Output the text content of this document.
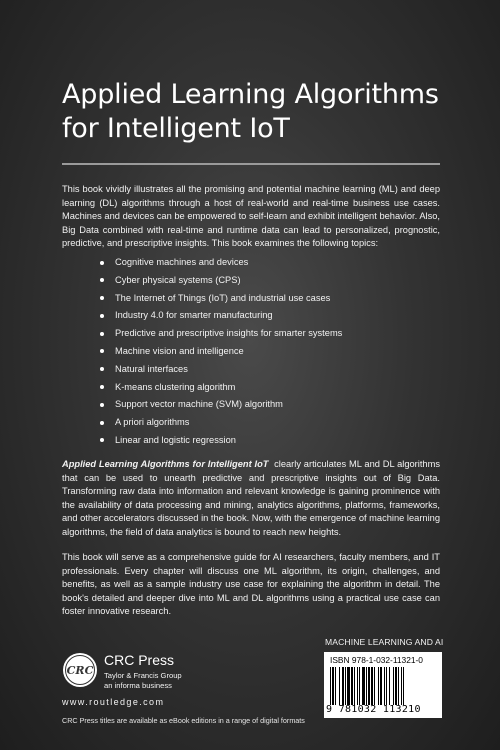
Applied Learning Algorithms
for Intelligent IoT

This book vividly illustrates all the promising and potential machine learning (ML) and deep learning (DL) algorithms through a host of real-world and real-time business use cases. Machines and devices can be empowered to self-learn and exhibit intelligent behavior. Also, Big Data combined with real-time and runtime data can lead to personalized, prognostic, predictive, and prescriptive insights. This book examines the following topics:

Cognitive machines and devices
Cyber physical systems (CPS)
The Internet of Things (IoT) and industrial use cases
Industry 4.0 for smarter manufacturing
Predictive and prescriptive insights for smarter systems
Machine vision and intelligence
Natural interfaces
K-means clustering algorithm
Support vector machine (SVM) algorithm
A priori algorithms
Linear and logistic regression

Applied Learning Algorithms for Intelligent IoT clearly articulates ML and DL algorithms that can be used to unearth predictive and prescriptive insights out of Big Data. Transforming raw data into information and relevant knowledge is gaining prominence with the availability of data processing and mining, analytics algorithms, platforms, frameworks, and other accelerators discussed in the book. Now, with the emergence of machine learning algorithms, the field of data analytics is bound to reach new heights.

This book will serve as a comprehensive guide for AI researchers, faculty members, and IT professionals. Every chapter will discuss one ML algorithm, its origin, challenges, and benefits, as well as a sample industry use case for explaining the algorithm in detail. The book's detailed and deeper dive into ML and DL algorithms using a practical use case can foster innovative research.

MACHINE LEARNING AND AI
ISBN 978-1-032-11321-0
9 781032 113210
CRC
CRC Press
Taylor & Francis Group
an informa business
www.routledge.com
CRC Press titles are available as eBook editions in a range of digital formats
